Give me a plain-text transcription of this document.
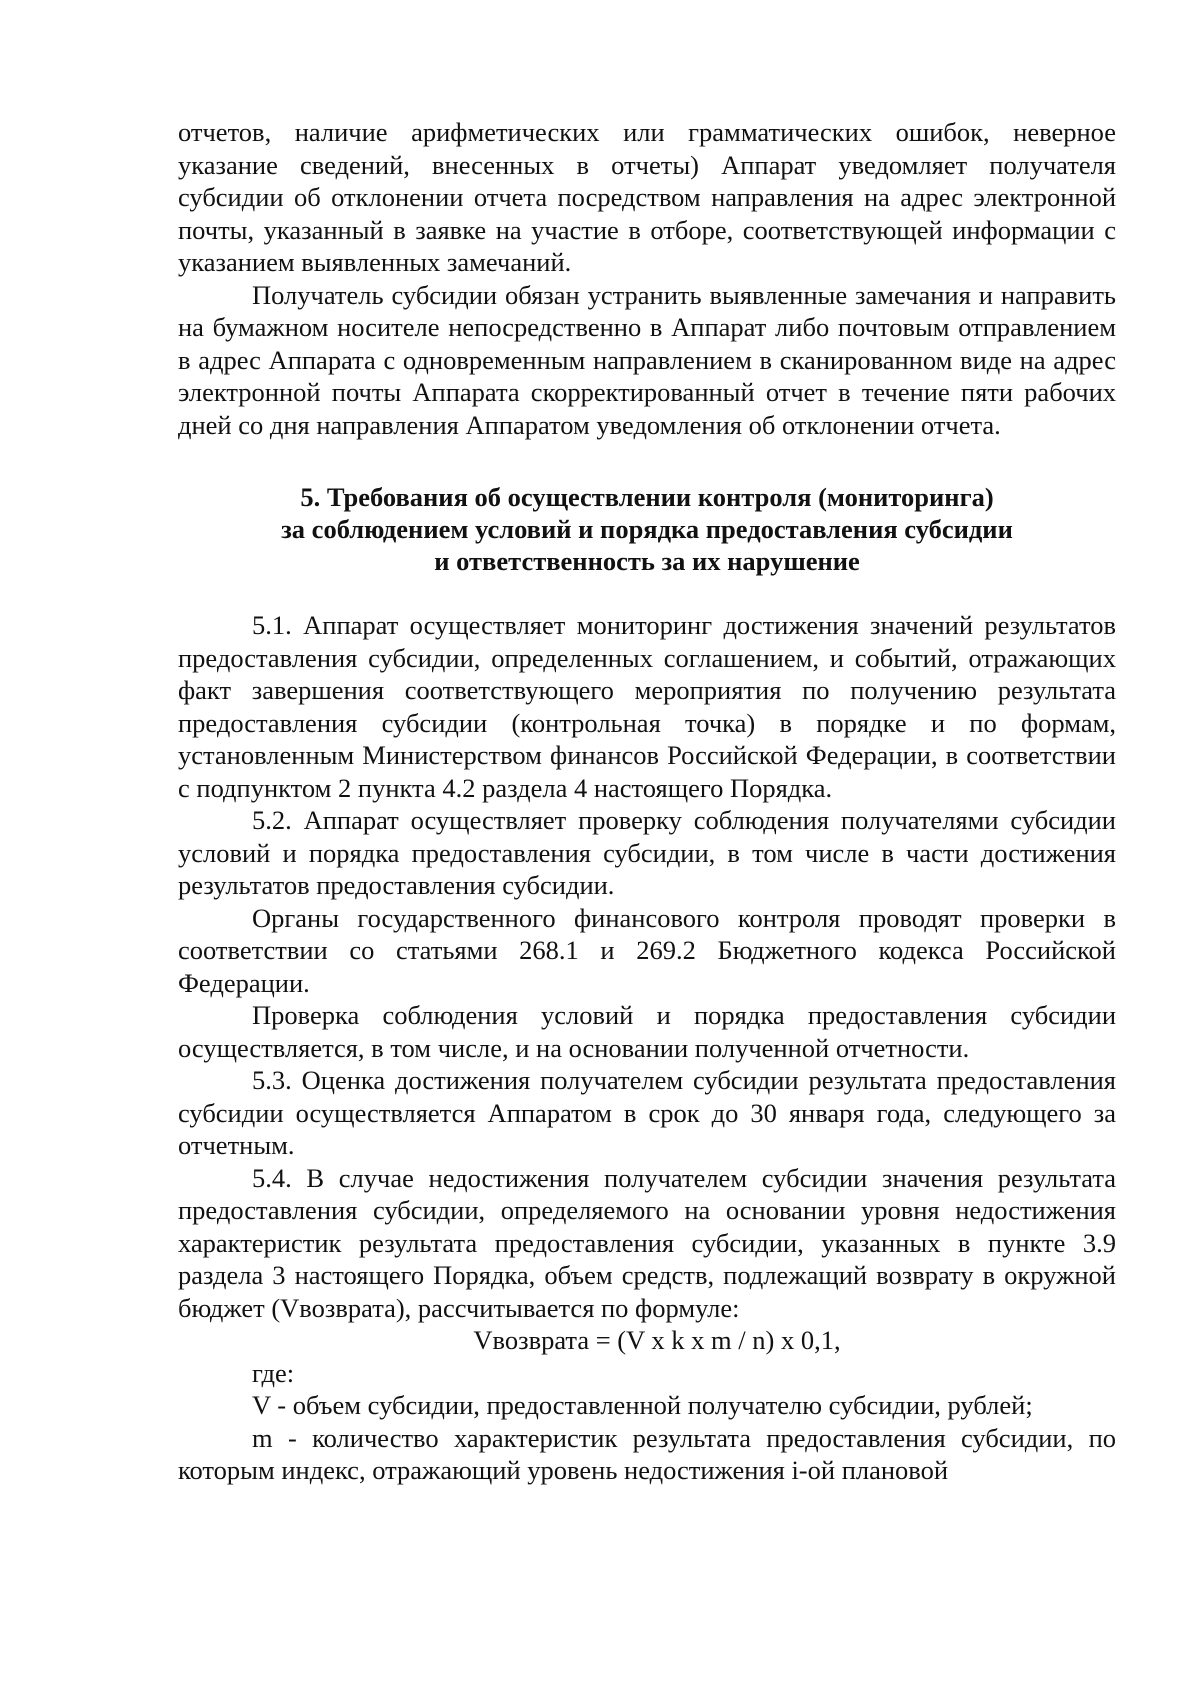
отчетов, наличие арифметических или грамматических ошибок, неверное указание сведений, внесенных в отчеты) Аппарат уведомляет получателя субсидии об отклонении отчета посредством направления на адрес электронной почты, указанный в заявке на участие в отборе, соответствующей информации с указанием выявленных замечаний.

Получатель субсидии обязан устранить выявленные замечания и направить на бумажном носителе непосредственно в Аппарат либо почтовым отправлением в адрес Аппарата с одновременным направлением в сканированном виде на адрес электронной почты Аппарата скорректированный отчет в течение пяти рабочих дней со дня направления Аппаратом уведомления об отклонении отчета.

5. Требования об осуществлении контроля (мониторинга)
за соблюдением условий и порядка предоставления субсидии
и ответственность за их нарушение

5.1. Аппарат осуществляет мониторинг достижения значений результатов предоставления субсидии, определенных соглашением, и событий, отражающих факт завершения соответствующего мероприятия по получению результата предоставления субсидии (контрольная точка) в порядке и по формам, установленным Министерством финансов Российской Федерации, в соответствии с подпунктом 2 пункта 4.2 раздела 4 настоящего Порядка.

5.2. Аппарат осуществляет проверку соблюдения получателями субсидии условий и порядка предоставления субсидии, в том числе в части достижения результатов предоставления субсидии.

Органы государственного финансового контроля проводят проверки в соответствии со статьями 268.1 и 269.2 Бюджетного кодекса Российской Федерации.

Проверка соблюдения условий и порядка предоставления субсидии осуществляется, в том числе, и на основании полученной отчетности.

5.3. Оценка достижения получателем субсидии результата предоставления субсидии осуществляется Аппаратом в срок до 30 января года, следующего за отчетным.

5.4. В случае недостижения получателем субсидии значения результата предоставления субсидии, определяемого на основании уровня недостижения характеристик результата предоставления субсидии, указанных в пункте 3.9 раздела 3 настоящего Порядка, объем средств, подлежащий возврату в окружной бюджет (Vвозврата), рассчитывается по формуле:

Vвозврата = (V x k x m / n) x 0,1,

где:

V - объем субсидии, предоставленной получателю субсидии, рублей;

m - количество характеристик результата предоставления субсидии, по которым индекс, отражающий уровень недостижения i-ой плановой
